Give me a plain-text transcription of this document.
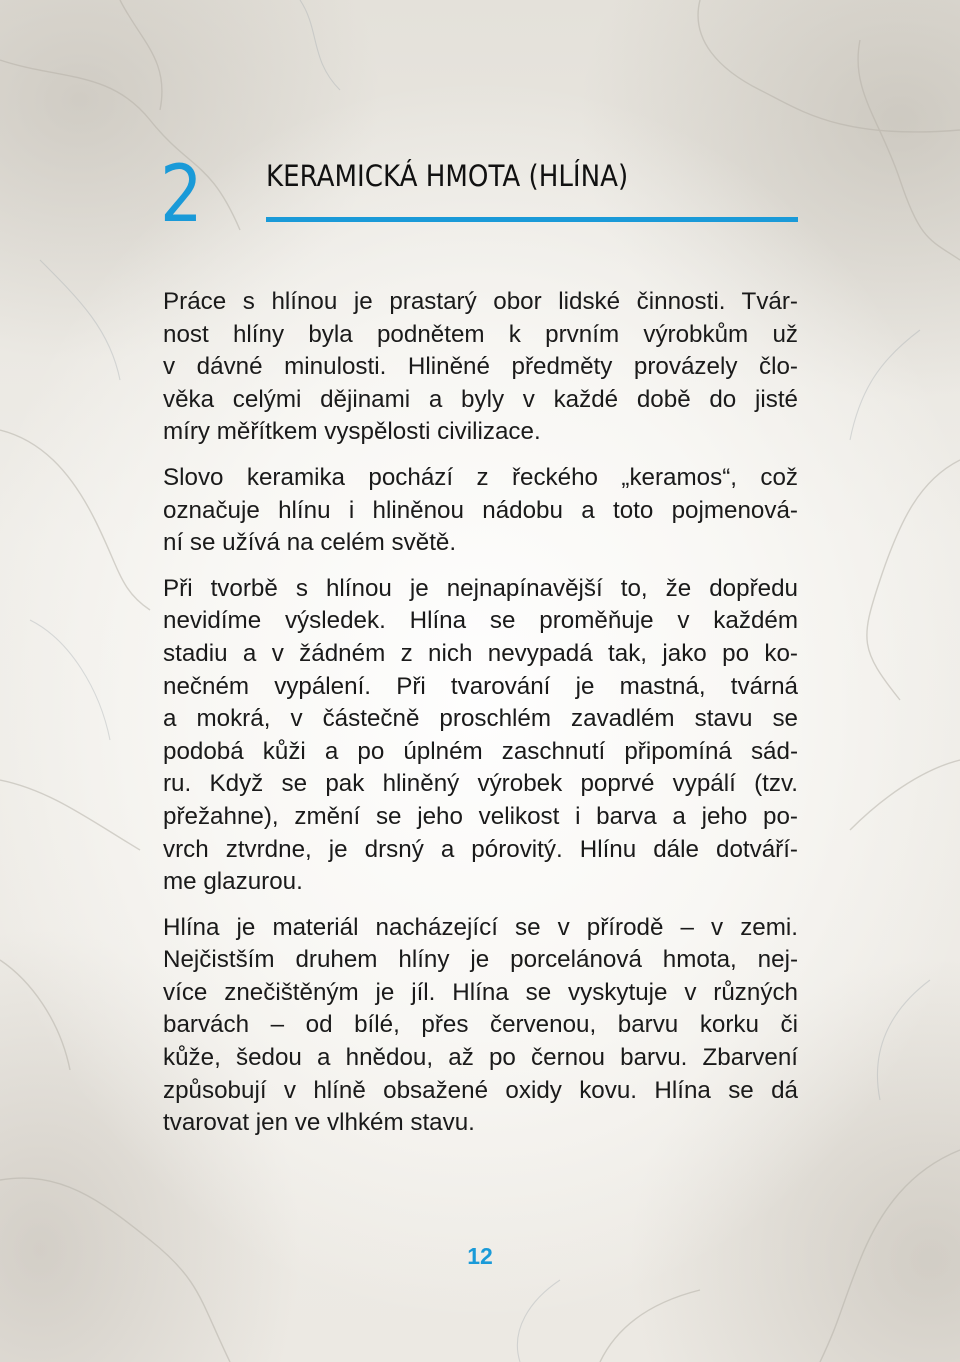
2 KERAMICKÁ HMOTA (HLÍNA)

Práce s hlínou je prastarý obor lidské činnosti. Tvár-
nost hlíny byla podnětem k prvním výrobkům už
v dávné minulosti. Hliněné předměty provázely člo-
věka celými dějinami a byly v každé době do jisté
míry měřítkem vyspělosti civilizace.

Slovo keramika pochází z řeckého „keramos“, což
označuje hlínu i hliněnou nádobu a toto pojmenová-
ní se užívá na celém světě.

Při tvorbě s hlínou je nejnapínavější to, že dopředu
nevidíme výsledek. Hlína se proměňuje v každém
stadiu a v žádném z nich nevypadá tak, jako po ko-
nečném vypálení. Při tvarování je mastná, tvárná
a mokrá, v částečně proschlém zavadlém stavu se
podobá kůži a po úplném zaschnutí připomíná sád-
ru. Když se pak hliněný výrobek poprvé vypálí (tzv.
přežahne), změní se jeho velikost i barva a jeho po-
vrch ztvrdne, je drsný a pórovitý. Hlínu dále dotváří-
me glazurou.

Hlína je materiál nacházející se v přírodě – v zemi.
Nejčistším druhem hlíny je porcelánová hmota, nej-
více znečištěným je jíl. Hlína se vyskytuje v různých
barvách – od bílé, přes červenou, barvu korku či
kůže, šedou a hnědou, až po černou barvu. Zbarvení
způsobují v hlíně obsažené oxidy kovu. Hlína se dá
tvarovat jen ve vlhkém stavu.

12
